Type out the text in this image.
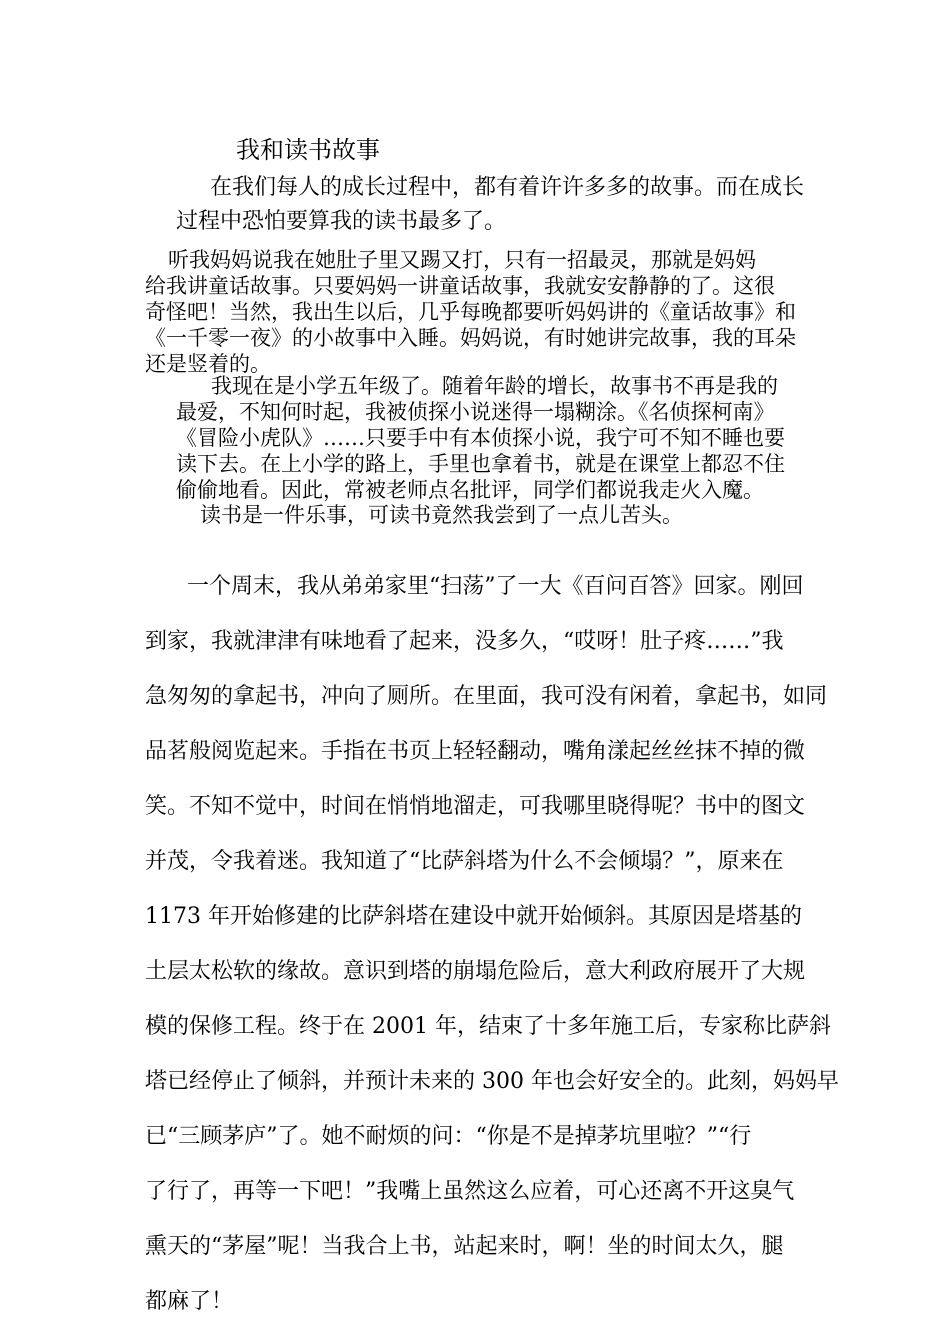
我和读书故事
在我们每人的成长过程中，都有着许许多多的故事。而在成长
过程中恐怕要算我的读书最多了。
听我妈妈说我在她肚子里又踢又打，只有一招最灵，那就是妈妈
给我讲童话故事。只要妈妈一讲童话故事，我就安安静静的了。这很
奇怪吧！当然，我出生以后，几乎每晚都要听妈妈讲的《童话故事》和
《一千零一夜》的小故事中入睡。妈妈说，有时她讲完故事，我的耳朵
还是竖着的。
我现在是小学五年级了。随着年龄的增长，故事书不再是我的
最爱，不知何时起，我被侦探小说迷得一塌糊涂。《名侦探柯南》
《冒险小虎队》……只要手中有本侦探小说，我宁可不知不睡也要
读下去。在上小学的路上，手里也拿着书，就是在课堂上都忍不住
偷偷地看。因此，常被老师点名批评，同学们都说我走火入魔。
读书是一件乐事，可读书竟然我尝到了一点儿苦头。
一个周末，我从弟弟家里“扫荡”了一大《百问百答》回家。刚回
到家，我就津津有味地看了起来，没多久，“哎呀！肚子疼……”我
急匆匆的拿起书，冲向了厕所。在里面，我可没有闲着，拿起书，如同
品茗般阅览起来。手指在书页上轻轻翻动，嘴角漾起丝丝抹不掉的微
笑。不知不觉中，时间在悄悄地溜走，可我哪里晓得呢？书中的图文
并茂，令我着迷。我知道了“比萨斜塔为什么不会倾塌？”，原来在
1173 年开始修建的比萨斜塔在建设中就开始倾斜。其原因是塔基的
土层太松软的缘故。意识到塔的崩塌危险后，意大利政府展开了大规
模的保修工程。终于在 2001 年，结束了十多年施工后，专家称比萨斜
塔已经停止了倾斜，并预计未来的 300 年也会好安全的。此刻，妈妈早
已“三顾茅庐”了。她不耐烦的问：“你是不是掉茅坑里啦？”“行
了行了，再等一下吧！”我嘴上虽然这么应着，可心还离不开这臭气
熏天的“茅屋”呢！当我合上书，站起来时，啊！坐的时间太久，腿
都麻了！
